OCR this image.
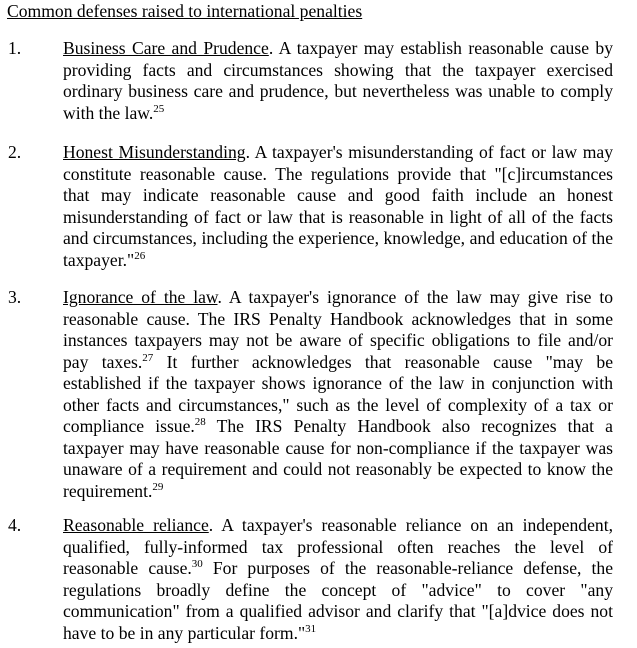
Common defenses raised to international penalties
1. Business Care and Prudence. A taxpayer may establish reasonable cause by providing facts and circumstances showing that the taxpayer exercised ordinary business care and prudence, but nevertheless was unable to comply with the law.$^{25}$

2. Honest Misunderstanding. A taxpayer's misunderstanding of fact or law may constitute reasonable cause. The regulations provide that "[c]ircumstances that may indicate reasonable cause and good faith include an honest misunderstanding of fact or law that is reasonable in light of all of the facts and circumstances, including the experience, knowledge, and education of the taxpayer."$^{26}$

3. Ignorance of the law. A taxpayer's ignorance of the law may give rise to reasonable cause. The IRS Penalty Handbook acknowledges that in some instances taxpayers may not be aware of specific obligations to file and/or pay taxes.$^{27}$ It further acknowledges that reasonable cause "may be established if the taxpayer shows ignorance of the law in conjunction with other facts and circumstances," such as the level of complexity of a tax or compliance issue.$^{28}$ The IRS Penalty Handbook also recognizes that a taxpayer may have reasonable cause for non-compliance if the taxpayer was unaware of a requirement and could not reasonably be expected to know the requirement.$^{29}$

4. Reasonable reliance. A taxpayer's reasonable reliance on an independent, qualified, fully-informed tax professional often reaches the level of reasonable cause.$^{30}$ For purposes of the reasonable-reliance defense, the regulations broadly define the concept of "advice" to cover "any communication" from a qualified advisor and clarify that "[a]dvice does not have to be in any particular form."$^{31}$
